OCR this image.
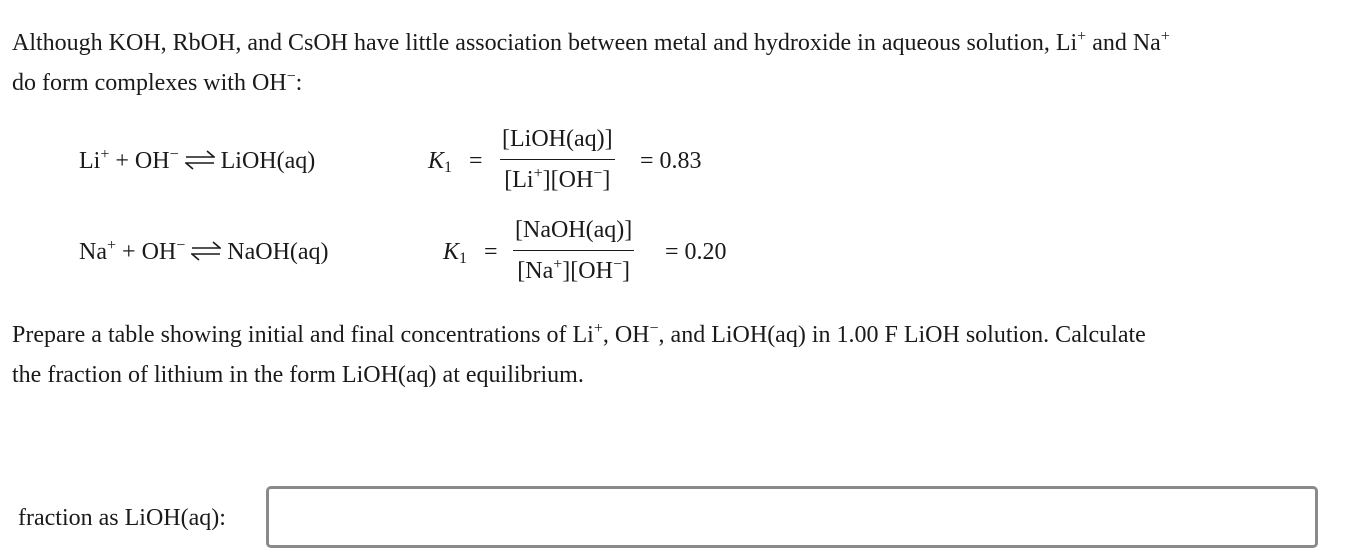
Although KOH, RbOH, and CsOH have little association between metal and hydroxide in aqueous solution, Li+ and Na+
do form complexes with OH−:

Li+ + OH− ⇌ LiOH(aq)	$K_1$ =
[LiOH(aq)]
[Li+][OH−]
= 0.83
Na+ + OH− ⇌ NaOH(aq)	$K_1$ =
[NaOH(aq)]
[Na+][OH−]
= 0.20

Prepare a table showing initial and final concentrations of Li+, OH−, and LiOH(aq) in 1.00 F LiOH solution. Calculate
the fraction of lithium in the form LiOH(aq) at equilibrium.

fraction as LiOH(aq):
